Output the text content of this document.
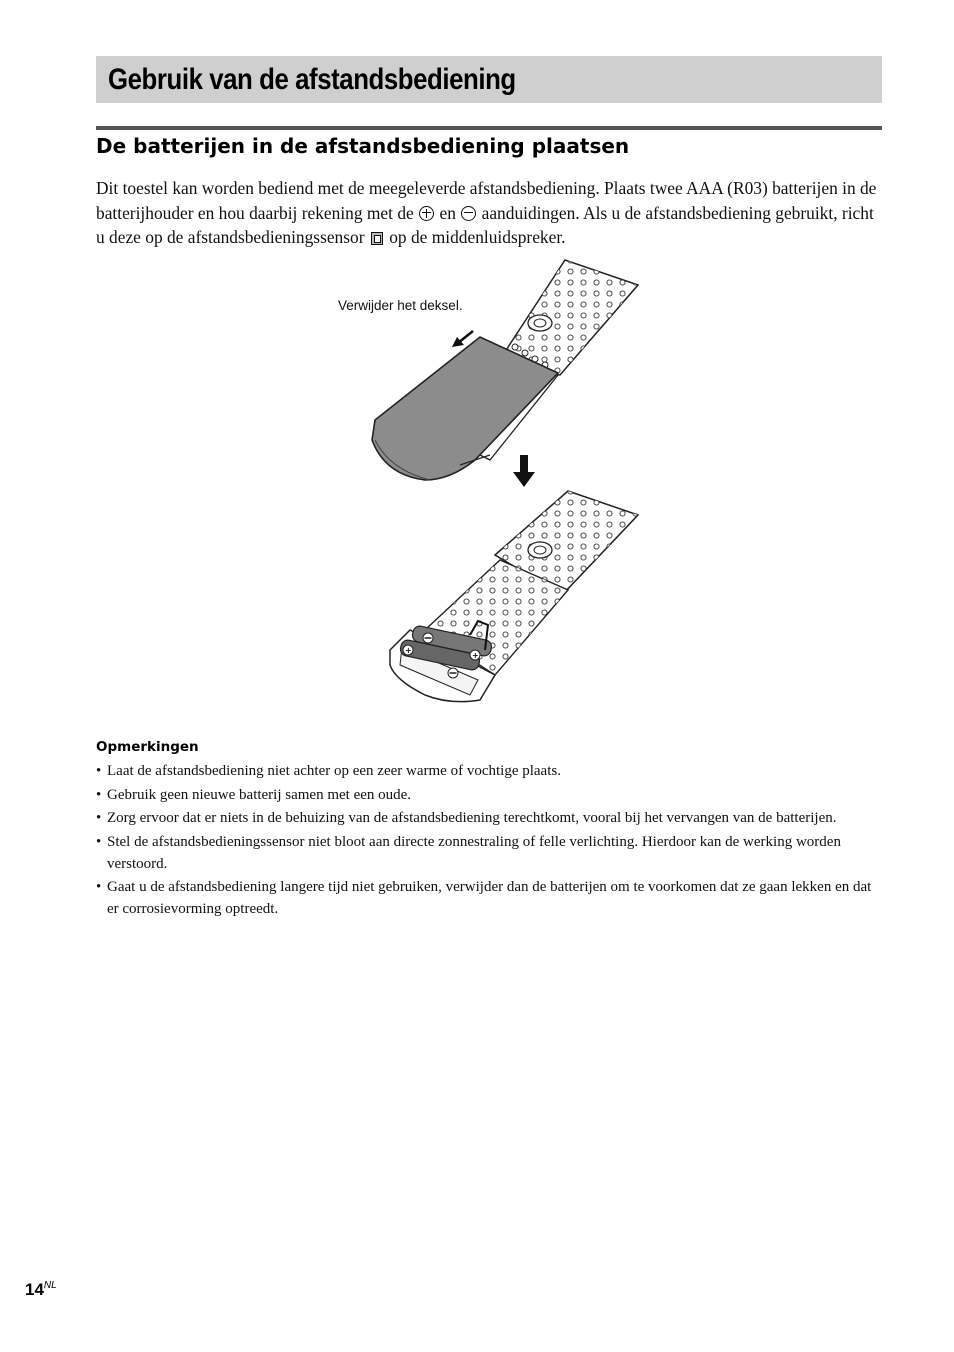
Gebruik van de afstandsbediening
De batterijen in de afstandsbediening plaatsen

Dit toestel kan worden bediend met de meegeleverde afstandsbediening. Plaats twee AAA (R03) batterijen in de batterijhouder en hou daarbij rekening met de en aanduidingen. Als u de afstandsbediening gebruikt, richt u deze op de afstandsbedieningssensor op de middenluidspreker.

Verwijder het deksel.
+
+
Opmerkingen
• Laat de afstandsbediening niet achter op een zeer warme of vochtige plaats.
• Gebruik geen nieuwe batterij samen met een oude.
• Zorg ervoor dat er niets in de behuizing van de afstandsbediening terechtkomt, vooral bij het vervangen van de batterijen.
• Stel de afstandsbedieningssensor niet bloot aan directe zonnestraling of felle verlichting. Hierdoor kan de werking worden verstoord.
• Gaat u de afstandsbediening langere tijd niet gebruiken, verwijder dan de batterijen om te voorkomen dat ze gaan lekken en dat er corrosievorming optreedt.
$14^{NL}$
